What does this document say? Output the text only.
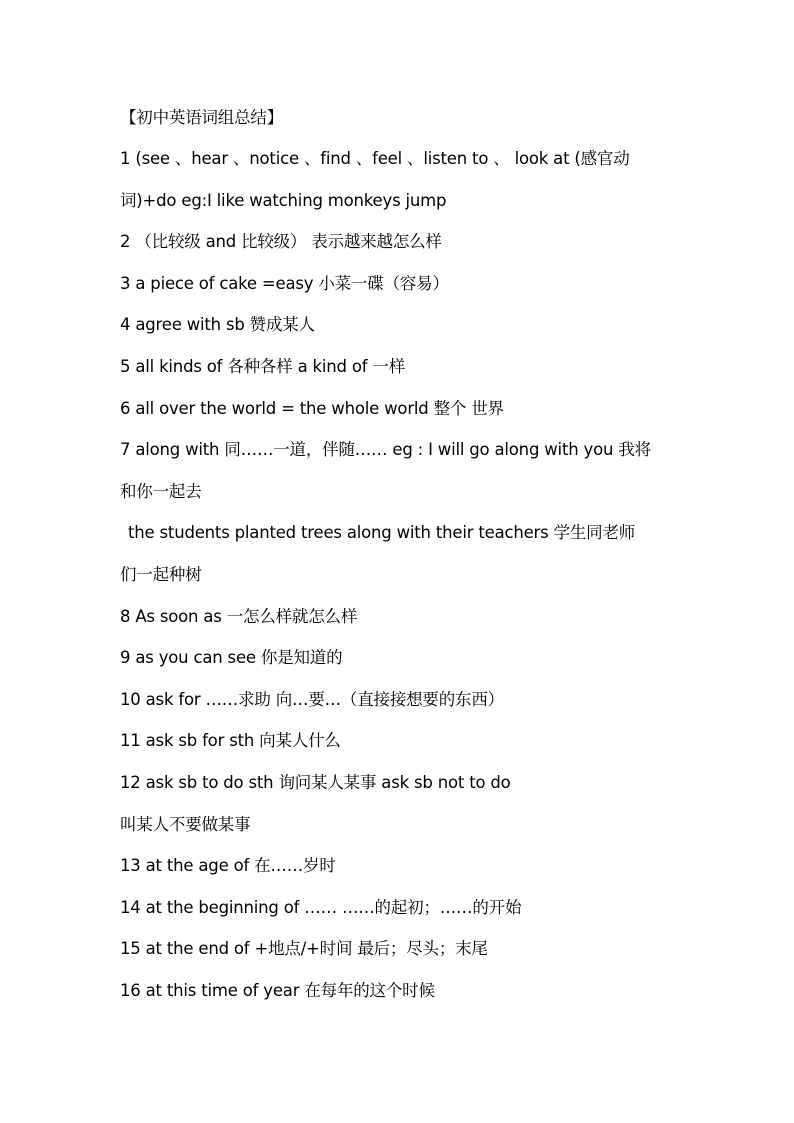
【初中英语词组总结】
1 (see 、hear 、notice 、find 、feel 、listen to 、 look at (感官动
词)+do eg:I like watching monkeys jump
2 （比较级 and 比较级） 表示越来越怎么样
3 a piece of cake =easy 小菜一碟（容易）
4 agree with sb 赞成某人
5 all kinds of 各种各样 a kind of 一样
6 all over the world = the whole world 整个 世界
7 along with 同……一道，伴随…… eg : I will go along with you 我将
和你一起去
the students planted trees along with their teachers 学生同老师
们一起种树
8 As soon as 一怎么样就怎么样
9 as you can see 你是知道的
10 ask for ……求助 向…要…（直接接想要的东西）
11 ask sb for sth 向某人什么
12 ask sb to do sth 询问某人某事 ask sb not to do
叫某人不要做某事
13 at the age of 在……岁时
14 at the beginning of …… ……的起初；……的开始
15 at the end of +地点/+时间 最后；尽头；末尾
16 at this time of year 在每年的这个时候
